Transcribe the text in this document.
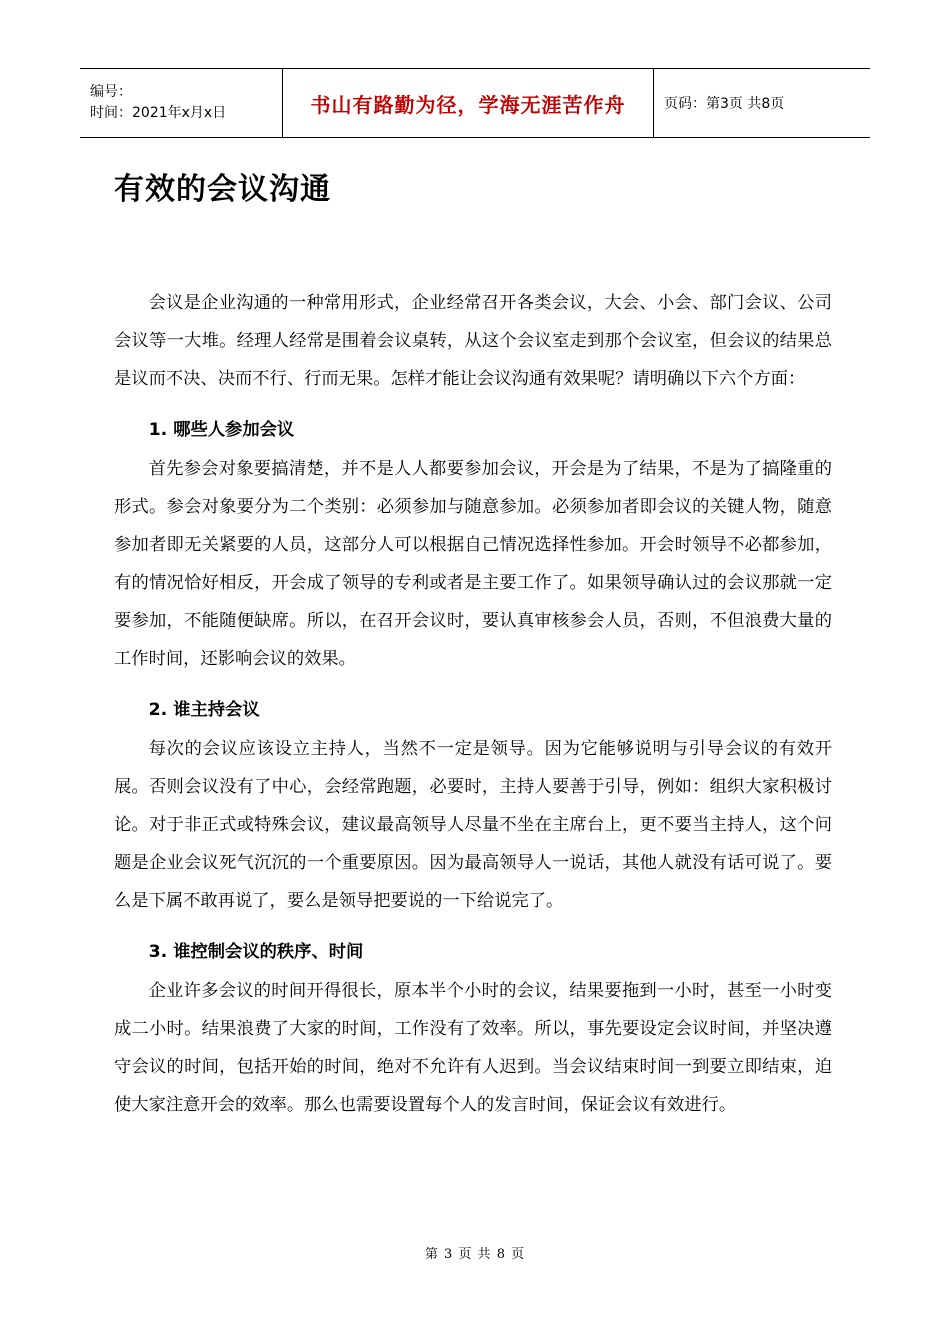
编号：
时间：2021年x月x日	书山有路勤为径，学海无涯苦作舟	页码：第3页 共8页
有效的会议沟通

会议是企业沟通的一种常用形式，企业经常召开各类会议，大会、小会、部门会议、公司会议等一大堆。经理人经常是围着会议桌转，从这个会议室走到那个会议室，但会议的结果总是议而不决、决而不行、行而无果。怎样才能让会议沟通有效果呢？请明确以下六个方面：

1. 哪些人参加会议

首先参会对象要搞清楚，并不是人人都要参加会议，开会是为了结果，不是为了搞隆重的形式。参会对象要分为二个类别：必须参加与随意参加。必须参加者即会议的关键人物，随意参加者即无关紧要的人员，这部分人可以根据自己情况选择性参加。开会时领导不必都参加，有的情况恰好相反，开会成了领导的专利或者是主要工作了。如果领导确认过的会议那就一定要参加，不能随便缺席。所以，在召开会议时，要认真审核参会人员，否则，不但浪费大量的工作时间，还影响会议的效果。

2. 谁主持会议

每次的会议应该设立主持人，当然不一定是领导。因为它能够说明与引导会议的有效开展。否则会议没有了中心，会经常跑题，必要时，主持人要善于引导，例如：组织大家积极讨论。对于非正式或特殊会议，建议最高领导人尽量不坐在主席台上，更不要当主持人，这个问题是企业会议死气沉沉的一个重要原因。因为最高领导人一说话，其他人就没有话可说了。要么是下属不敢再说了，要么是领导把要说的一下给说完了。

3. 谁控制会议的秩序、时间

企业许多会议的时间开得很长，原本半个小时的会议，结果要拖到一小时，甚至一小时变成二小时。结果浪费了大家的时间，工作没有了效率。所以，事先要设定会议时间，并坚决遵守会议的时间，包括开始的时间，绝对不允许有人迟到。当会议结束时间一到要立即结束，迫使大家注意开会的效率。那么也需要设置每个人的发言时间，保证会议有效进行。

第 3 页 共 8 页
